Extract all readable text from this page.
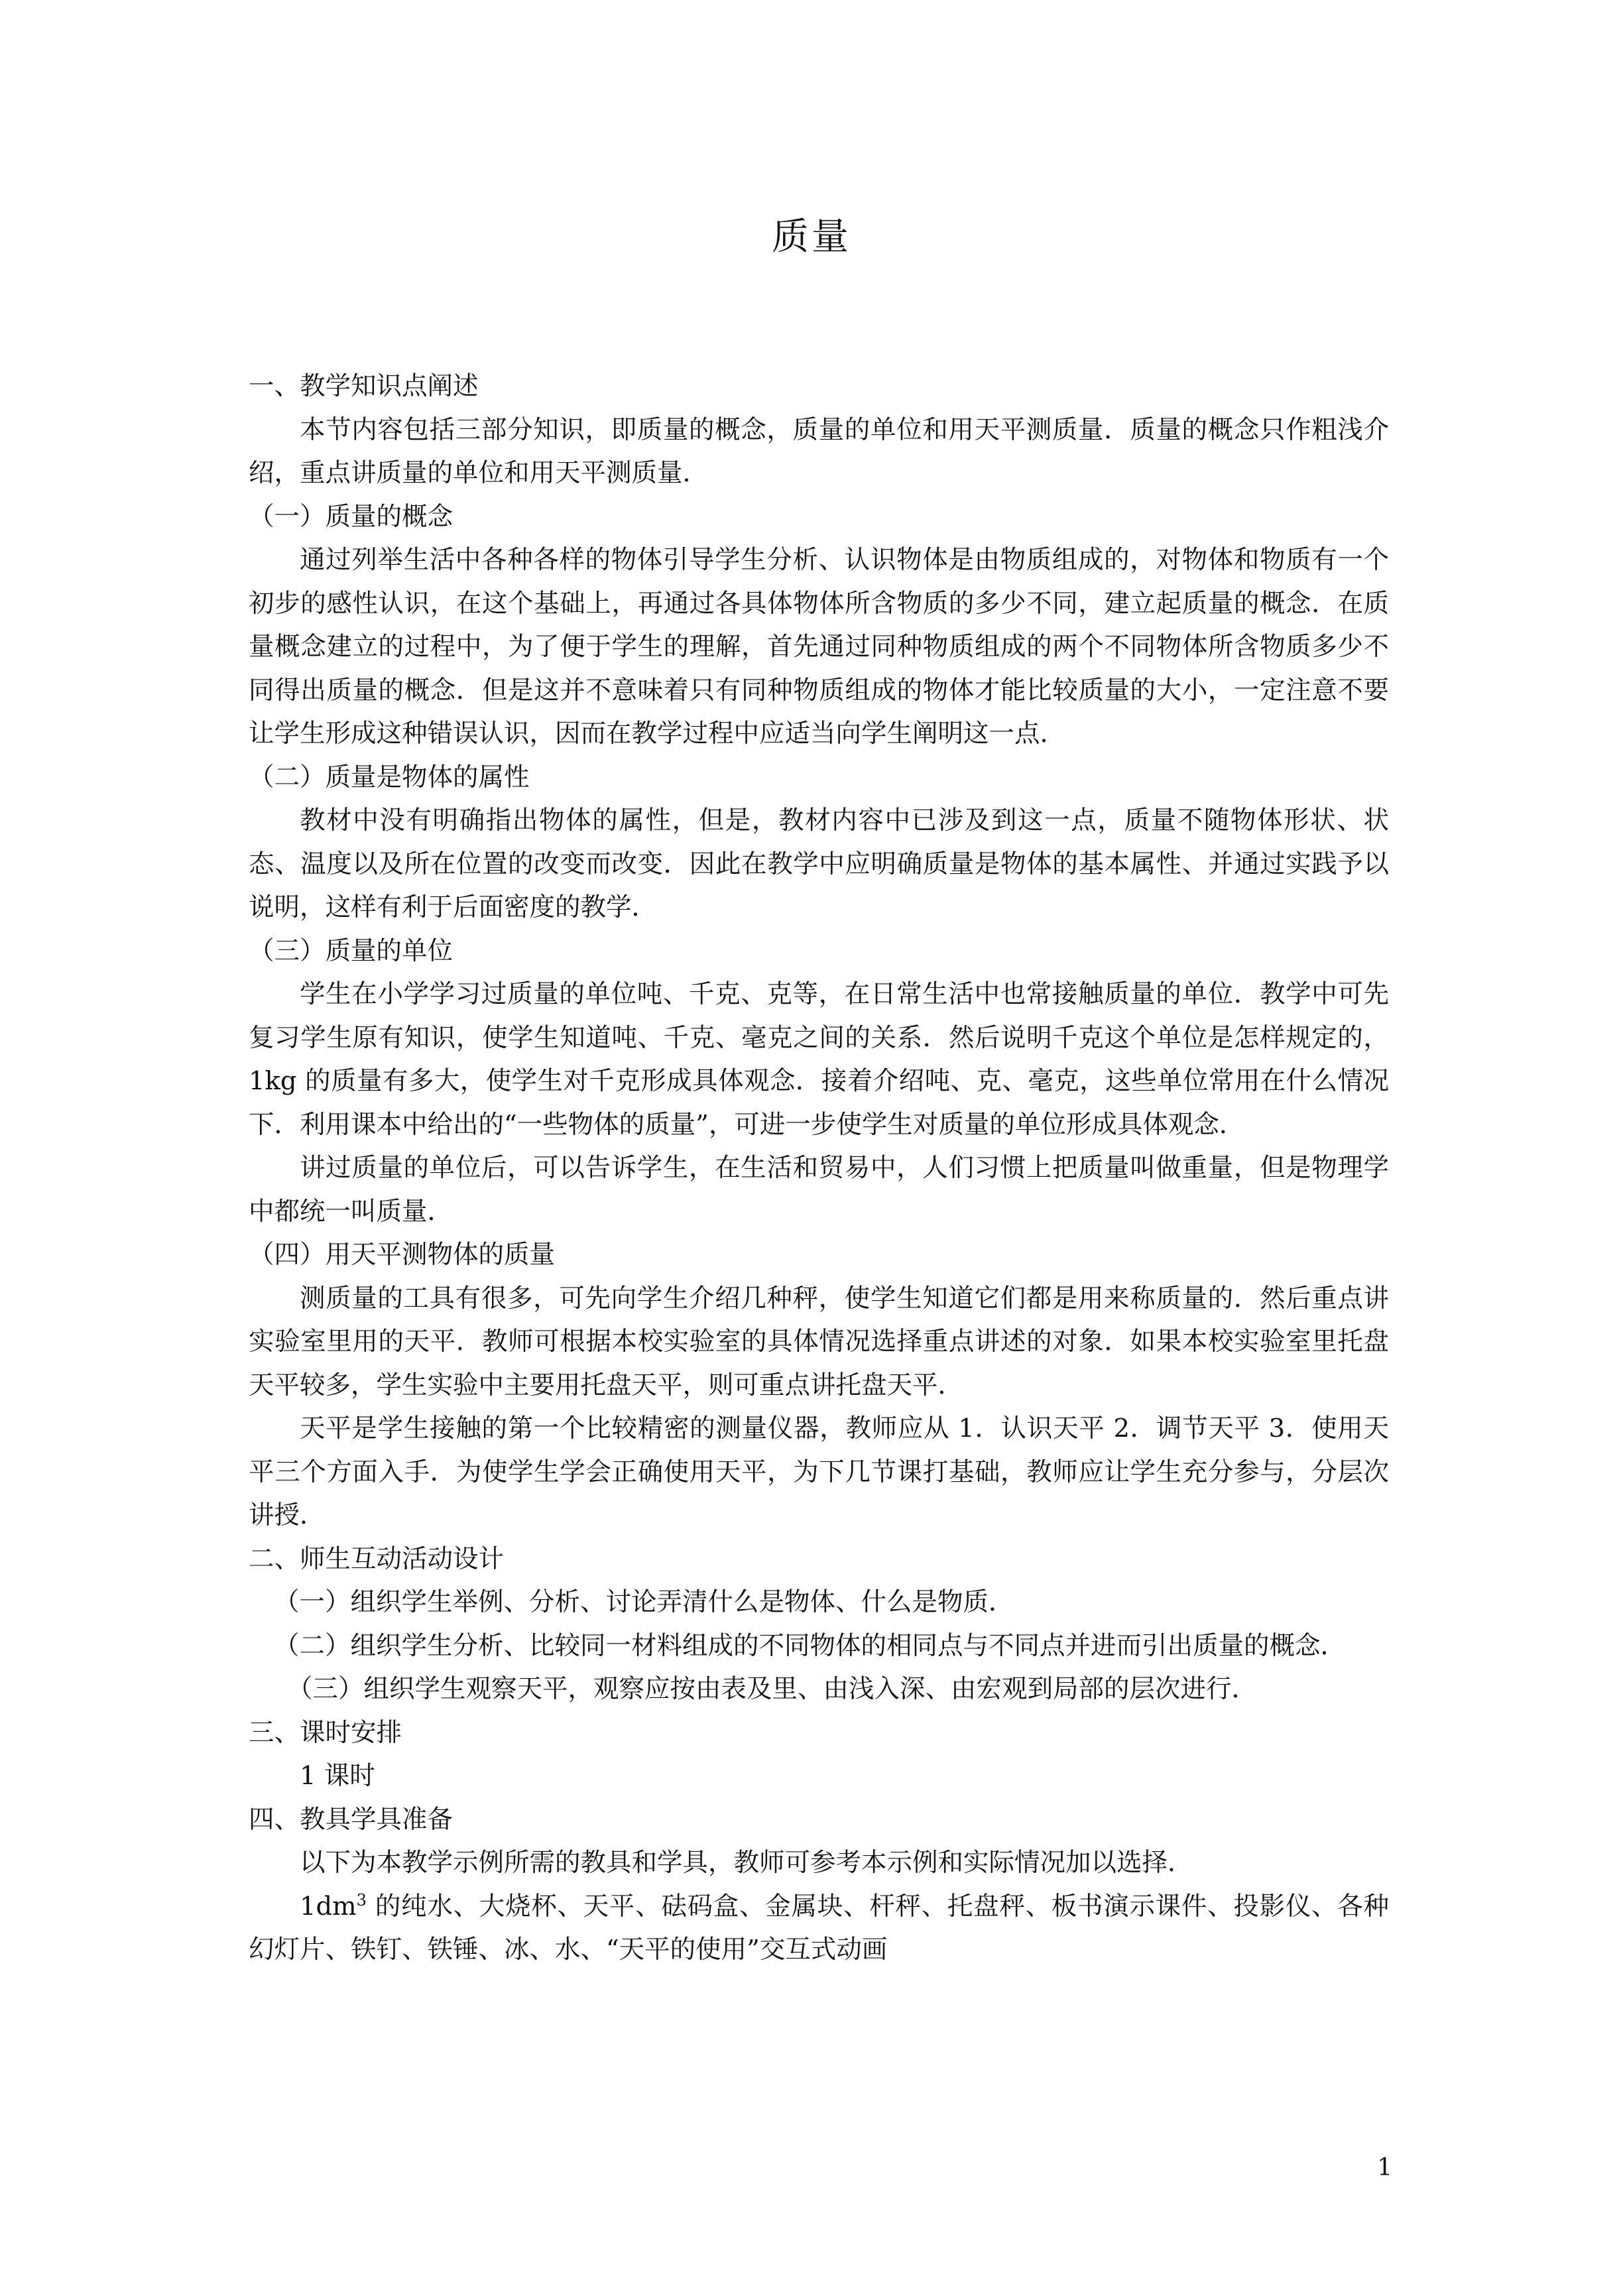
质量

一、教学知识点阐述

本节内容包括三部分知识，即质量的概念，质量的单位和用天平测质量．质量的概念只作粗浅介绍，重点讲质量的单位和用天平测质量．

（一）质量的概念

通过列举生活中各种各样的物体引导学生分析、认识物体是由物质组成的，对物体和物质有一个初步的感性认识，在这个基础上，再通过各具体物体所含物质的多少不同，建立起质量的概念．在质量概念建立的过程中，为了便于学生的理解，首先通过同种物质组成的两个不同物体所含物质多少不同得出质量的概念．但是这并不意味着只有同种物质组成的物体才能比较质量的大小，一定注意不要让学生形成这种错误认识，因而在教学过程中应适当向学生阐明这一点．

（二）质量是物体的属性

教材中没有明确指出物体的属性，但是，教材内容中已涉及到这一点，质量不随物体形状、状态、温度以及所在位置的改变而改变．因此在教学中应明确质量是物体的基本属性、并通过实践予以说明，这样有利于后面密度的教学．

（三）质量的单位

学生在小学学习过质量的单位吨、千克、克等，在日常生活中也常接触质量的单位．教学中可先复习学生原有知识，使学生知道吨、千克、毫克之间的关系．然后说明千克这个单位是怎样规定的，1kg 的质量有多大，使学生对千克形成具体观念．接着介绍吨、克、毫克，这些单位常用在什么情况下．利用课本中给出的“一些物体的质量”，可进一步使学生对质量的单位形成具体观念．

讲过质量的单位后，可以告诉学生，在生活和贸易中，人们习惯上把质量叫做重量，但是物理学中都统一叫质量．

（四）用天平测物体的质量

测质量的工具有很多，可先向学生介绍几种秤，使学生知道它们都是用来称质量的．然后重点讲实验室里用的天平．教师可根据本校实验室的具体情况选择重点讲述的对象．如果本校实验室里托盘天平较多，学生实验中主要用托盘天平，则可重点讲托盘天平．

天平是学生接触的第一个比较精密的测量仪器，教师应从 1．认识天平 2．调节天平 3．使用天平三个方面入手．为使学生学会正确使用天平，为下几节课打基础，教师应让学生充分参与，分层次讲授．

二、师生互动活动设计

（一）组织学生举例、分析、讨论弄清什么是物体、什么是物质．

（二）组织学生分析、比较同一材料组成的不同物体的相同点与不同点并进而引出质量的概念．

（三）组织学生观察天平，观察应按由表及里、由浅入深、由宏观到局部的层次进行．

三、课时安排

1 课时

四、教具学具准备

以下为本教学示例所需的教具和学具，教师可参考本示例和实际情况加以选择．

$1dm^3$ 的纯水、大烧杯、天平、砝码盒、金属块、杆秤、托盘秤、板书演示课件、投影仪、各种幻灯片、铁钉、铁锤、冰、水、“天平的使用”交互式动画

1
